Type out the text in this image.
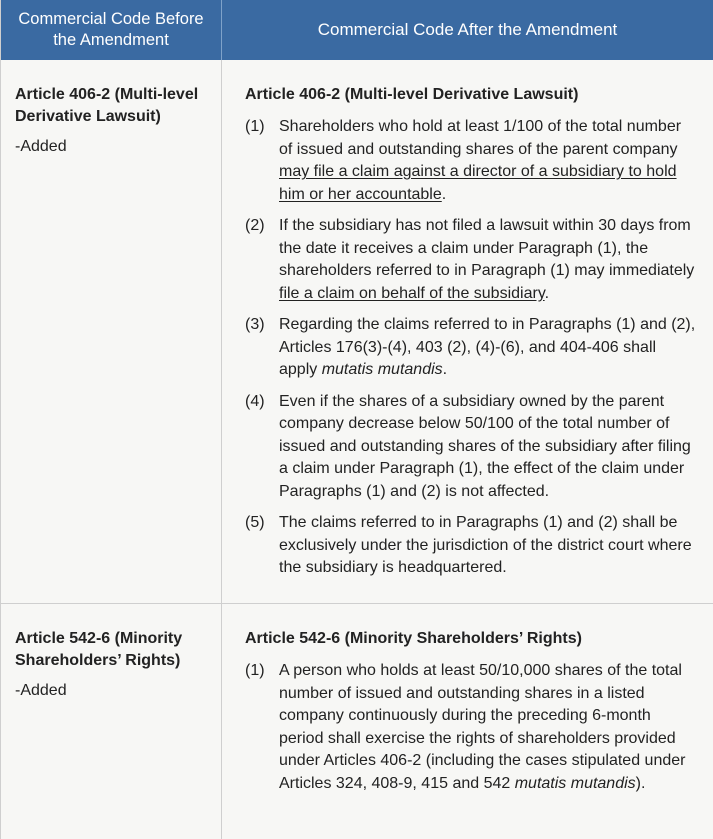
Commercial Code Before the Amendment
Commercial Code After the Amendment

Article 406-2 (Multi-level Derivative Lawsuit)

-Added

Article 406-2 (Multi-level Derivative Lawsuit)

(1) Shareholders who hold at least 1/100 of the total number of issued and outstanding shares of the parent company may file a claim against a director of a subsidiary to hold him or her accountable.
(2) If the subsidiary has not filed a lawsuit within 30 days from the date it receives a claim under Paragraph (1), the shareholders referred to in Paragraph (1) may immediately file a claim on behalf of the subsidiary.
(3) Regarding the claims referred to in Paragraphs (1) and (2), Articles 176(3)-(4), 403 (2), (4)-(6), and 404-406 shall apply mutatis mutandis.
(4) Even if the shares of a subsidiary owned by the parent company decrease below 50/100 of the total number of issued and outstanding shares of the subsidiary after filing a claim under Paragraph (1), the effect of the claim under Paragraphs (1) and (2) is not affected.
(5) The claims referred to in Paragraphs (1) and (2) shall be exclusively under the jurisdiction of the district court where the subsidiary is headquartered.

Article 542-6 (Minority Shareholders’ Rights)

-Added

Article 542-6 (Minority Shareholders’ Rights)

(1) A person who holds at least 50/10,000 shares of the total number of issued and outstanding shares in a listed company continuously during the preceding 6-month period shall exercise the rights of shareholders provided under Articles 406-2 (including the cases stipulated under Articles 324, 408-9, 415 and 542 mutatis mutandis).
